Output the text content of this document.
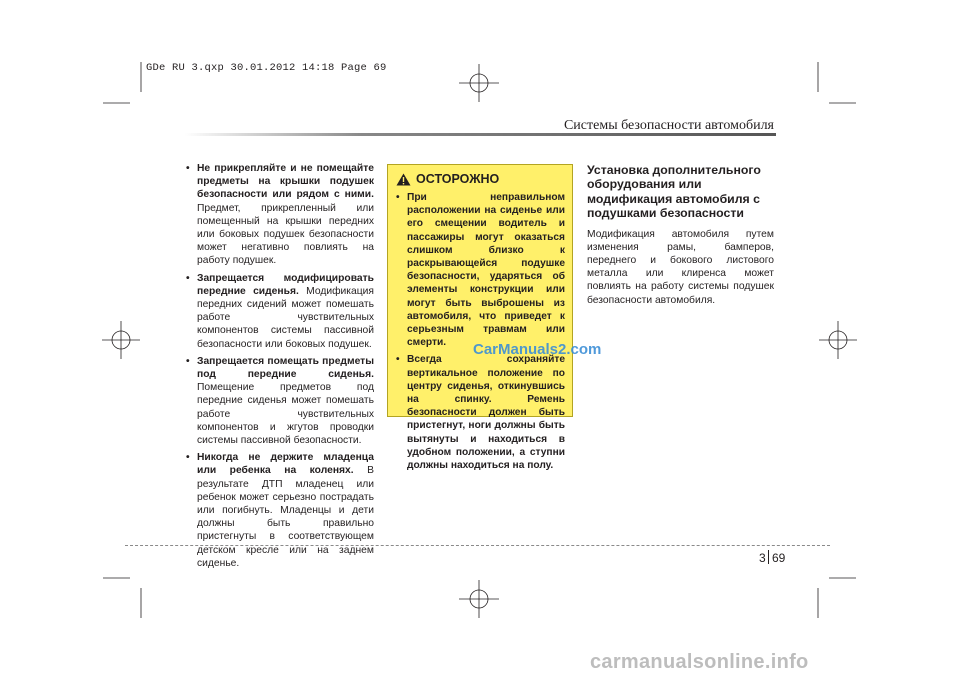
GDe RU 3.qxp 30.01.2012 14:18 Page 69
Системы безопасности автомобиля
• Не прикрепляйте и не помещайте предметы на крышки подушек безопасности или рядом с ними. Предмет, прикрепленный или помещенный на крышки передних или боковых подушек безопасности может негативно повлиять на работу подушек.
• Запрещается модифицировать передние сиденья. Модификация передних сидений может помешать работе чувствительных компонентов системы пассивной безопасности или боковых подушек.
• Запрещается помещать предметы под передние сиденья. Помещение предметов под передние сиденья может помешать работе чувствительных компонентов и жгутов проводки системы пассивной безопасности.
• Никогда не держите младенца или ребенка на коленях. В результате ДТП младенец или ребенок может серьезно пострадать или погибнуть. Младенцы и дети должны быть правильно пристегнуты в соответствующем детском кресле или на заднем сиденье.
ОСТОРОЖНО
• При неправильном расположении на сиденье или его смещении водитель и пассажиры могут оказаться слишком близко к раскрывающейся подушке безопасности, ударяться об элементы конструкции или могут быть выброшены из автомобиля, что приведет к серьезным травмам или смерти.
• Всегда сохраняйте вертикальное положение по центру сиденья, откинувшись на спинку. Ремень безопасности должен быть пристегнут, ноги должны быть вытянуты и находиться в удобном положении, а ступни должны находиться на полу.
Установка дополнительного оборудования или модификация автомобиля с подушками безопасности
Модификация автомобиля путем изменения рамы, бамперов, переднего и бокового листового металла или клиренса может повлиять на работу системы подушек безопасности автомобиля.
CarManuals2.com
3 69
carmanualsonline.info
